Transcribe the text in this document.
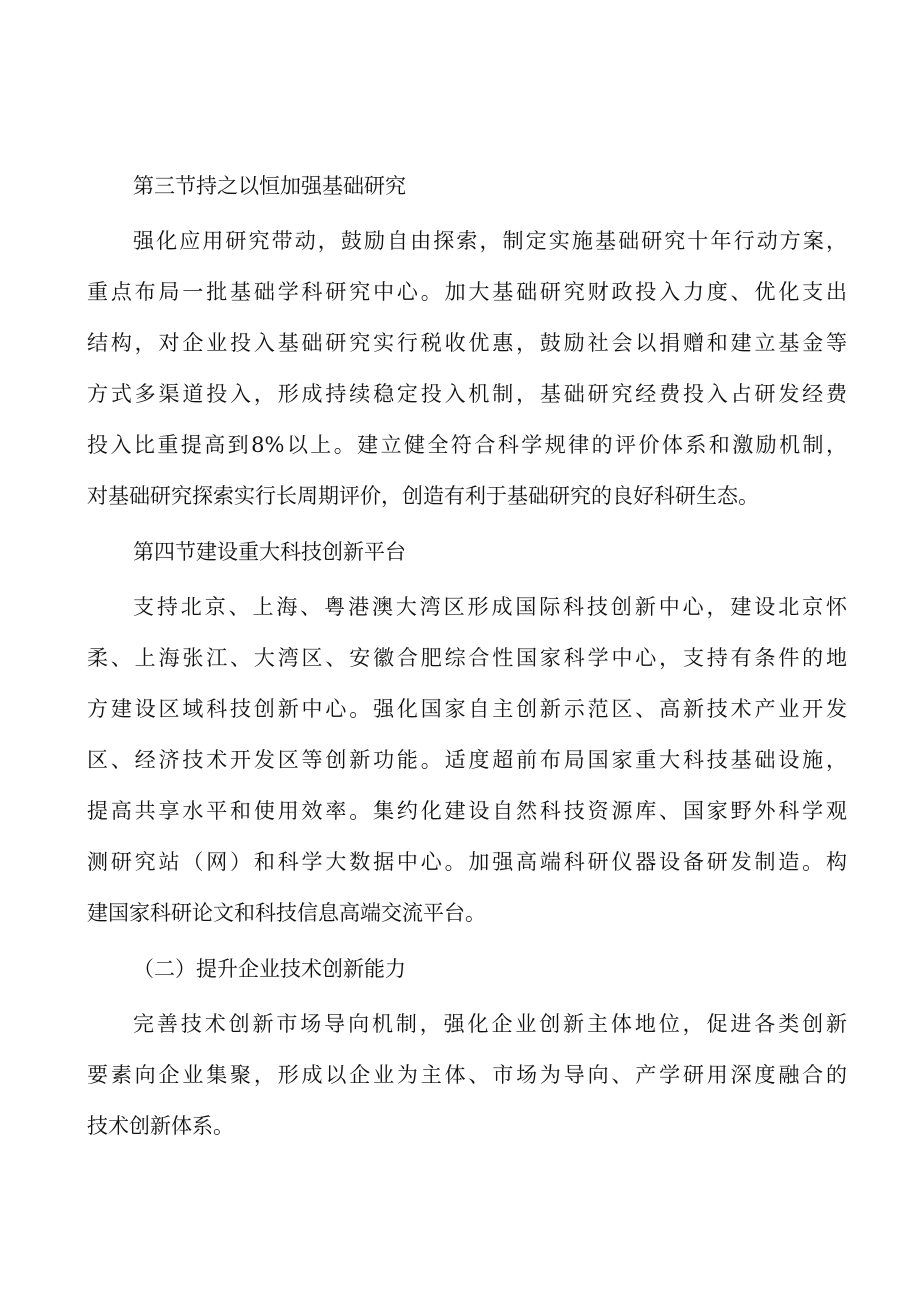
第三节持之以恒加强基础研究
强化应用研究带动，鼓励自由探索，制定实施基础研究十年行动方案，
重点布局一批基础学科研究中心。加大基础研究财政投入力度、优化支出
结构，对企业投入基础研究实行税收优惠，鼓励社会以捐赠和建立基金等
方式多渠道投入，形成持续稳定投入机制，基础研究经费投入占研发经费
投入比重提高到8%以上。建立健全符合科学规律的评价体系和激励机制，
对基础研究探索实行长周期评价，创造有利于基础研究的良好科研生态。
第四节建设重大科技创新平台
支持北京、上海、粤港澳大湾区形成国际科技创新中心，建设北京怀
柔、上海张江、大湾区、安徽合肥综合性国家科学中心，支持有条件的地
方建设区域科技创新中心。强化国家自主创新示范区、高新技术产业开发
区、经济技术开发区等创新功能。适度超前布局国家重大科技基础设施，
提高共享水平和使用效率。集约化建设自然科技资源库、国家野外科学观
测研究站（网）和科学大数据中心。加强高端科研仪器设备研发制造。构
建国家科研论文和科技信息高端交流平台。
（二）提升企业技术创新能力
完善技术创新市场导向机制，强化企业创新主体地位，促进各类创新
要素向企业集聚，形成以企业为主体、市场为导向、产学研用深度融合的
技术创新体系。
